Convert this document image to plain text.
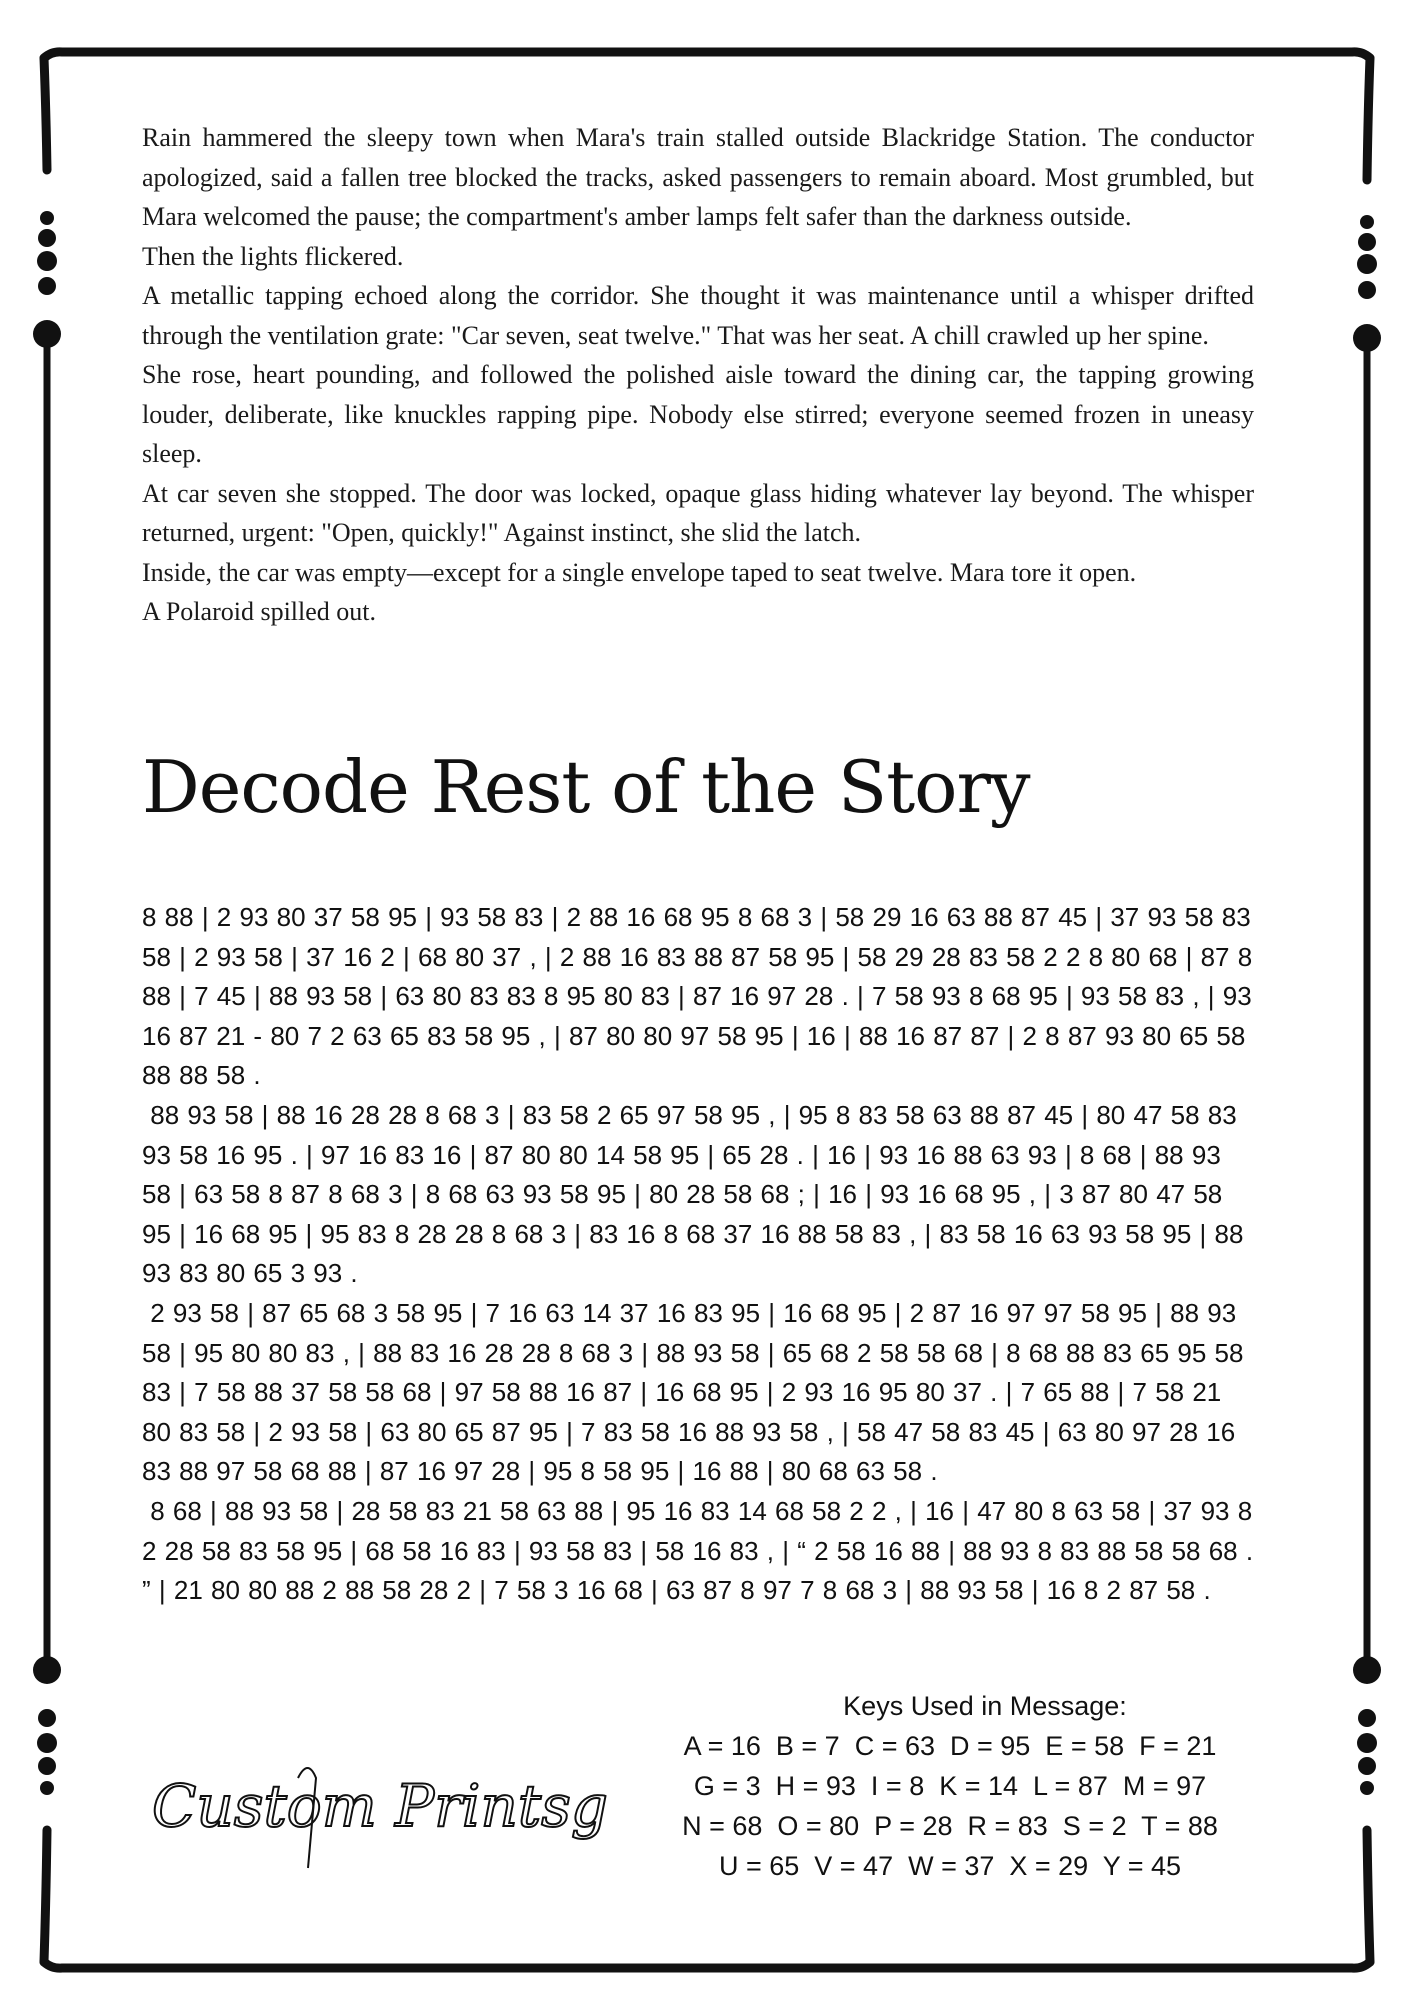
Rain hammered the sleepy town when Mara's train stalled outside Blackridge Station. The conductor apologized, said a fallen tree blocked the tracks, asked passengers to remain aboard. Most grumbled, but Mara welcomed the pause; the compartment's amber lamps felt safer than the darkness outside.

Then the lights flickered.

A metallic tapping echoed along the corridor. She thought it was maintenance until a whisper drifted through the ventilation grate: "Car seven, seat twelve." That was her seat. A chill crawled up her spine.

She rose, heart pounding, and followed the polished aisle toward the dining car, the tapping growing louder, deliberate, like knuckles rapping pipe. Nobody else stirred; everyone seemed frozen in uneasy sleep.

At car seven she stopped. The door was locked, opaque glass hiding whatever lay beyond. The whisper returned, urgent: "Open, quickly!" Against instinct, she slid the latch.

Inside, the car was empty—except for a single envelope taped to seat twelve. Mara tore it open.

A Polaroid spilled out.

Decode Rest of the Story

8 88 | 2 93 80 37 58 95 | 93 58 83 | 2 88 16 68 95 8 68 3 | 58 29 16 63 88 87 45 | 37 93 58 83 58 | 2 93 58 | 37 16 2 | 68 80 37 , | 2 88 16 83 88 87 58 95 | 58 29 28 83 58 2 2 8 80 68 | 87 8 88 | 7 45 | 88 93 58 | 63 80 83 83 8 95 80 83 | 87 16 97 28 . | 7 58 93 8 68 95 | 93 58 83 , | 93 16 87 21 - 80 7 2 63 65 83 58 95 , | 87 80 80 97 58 95 | 16 | 88 16 87 87 | 2 8 87 93 80 65 58 88 88 58 .

88 93 58 | 88 16 28 28 8 68 3 | 83 58 2 65 97 58 95 , | 95 8 83 58 63 88 87 45 | 80 47 58 83 93 58 16 95 . | 97 16 83 16 | 87 80 80 14 58 95 | 65 28 . | 16 | 93 16 88 63 93 | 8 68 | 88 93 58 | 63 58 8 87 8 68 3 | 8 68 63 93 58 95 | 80 28 58 68 ; | 16 | 93 16 68 95 , | 3 87 80 47 58 95 | 16 68 95 | 95 83 8 28 28 8 68 3 | 83 16 8 68 37 16 88 58 83 , | 83 58 16 63 93 58 95 | 88 93 83 80 65 3 93 .

2 93 58 | 87 65 68 3 58 95 | 7 16 63 14 37 16 83 95 | 16 68 95 | 2 87 16 97 97 58 95 | 88 93 58 | 95 80 80 83 , | 88 83 16 28 28 8 68 3 | 88 93 58 | 65 68 2 58 58 68 | 8 68 88 83 65 95 58 83 | 7 58 88 37 58 58 68 | 97 58 88 16 87 | 16 68 95 | 2 93 16 95 80 37 . | 7 65 88 | 7 58 21 80 83 58 | 2 93 58 | 63 80 65 87 95 | 7 83 58 16 88 93 58 , | 58 47 58 83 45 | 63 80 97 28 16 83 88 97 58 68 88 | 87 16 97 28 | 95 8 58 95 | 16 88 | 80 68 63 58 .

8 68 | 88 93 58 | 28 58 83 21 58 63 88 | 95 16 83 14 68 58 2 2 , | 16 | 47 80 8 63 58 | 37 93 8 2 28 58 83 58 95 | 68 58 16 83 | 93 58 83 | 58 16 83 , | “ 2 58 16 88 | 88 93 8 83 88 58 58 68 . ” | 21 80 80 88 2 88 58 28 2 | 7 58 3 16 68 | 63 87 8 97 7 8 68 3 | 88 93 58 | 16 8 2 87 58 .

Custom Printsg

Keys Used in Message:

A = 16  B = 7  C = 63  D = 95  E = 58  F = 21

G = 3  H = 93  I = 8  K = 14  L = 87  M = 97

N = 68  O = 80  P = 28  R = 83  S = 2  T = 88

U = 65  V = 47  W = 37  X = 29  Y = 45
